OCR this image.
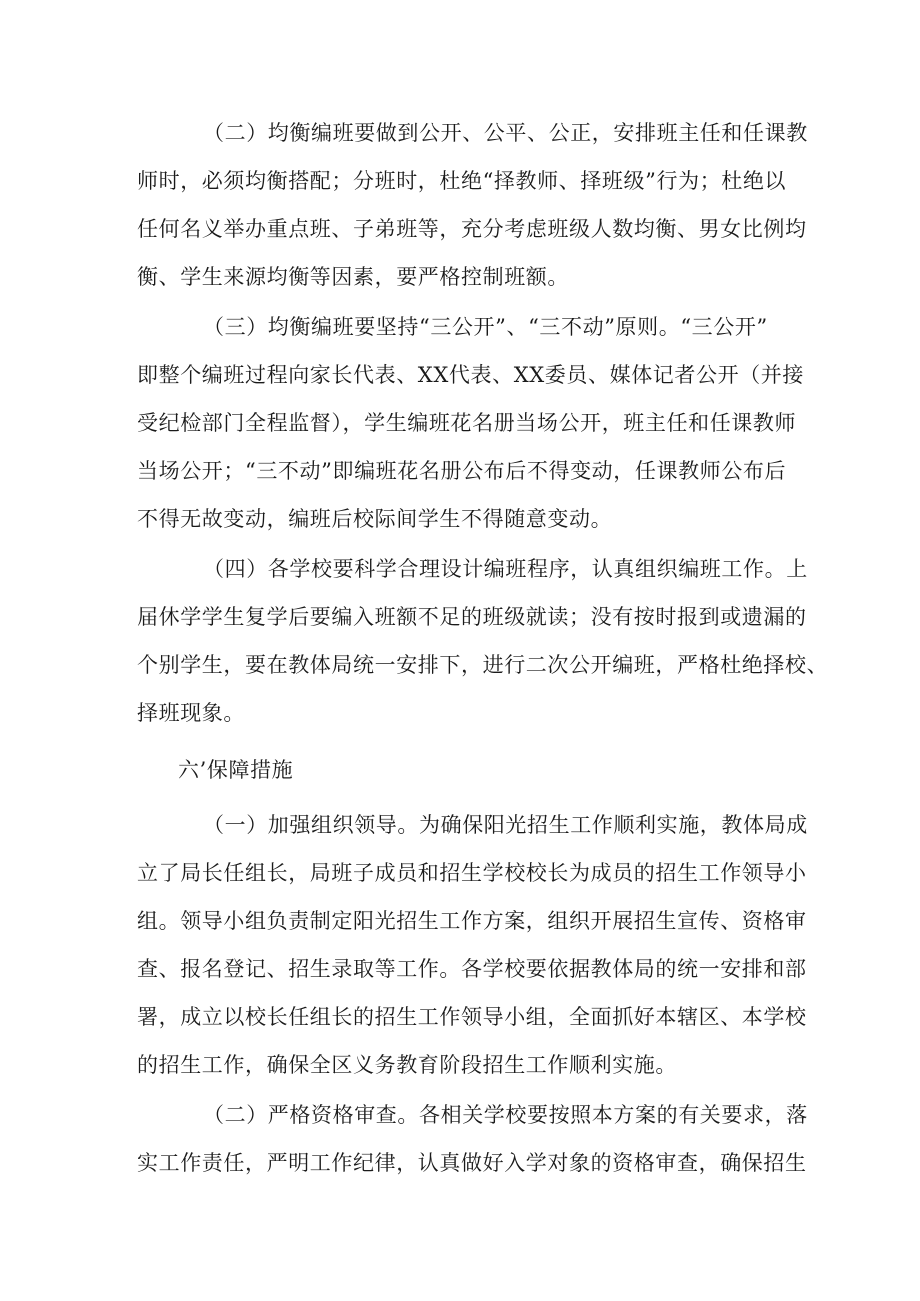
（二）均衡编班要做到公开、公平、公正，安排班主任和任课教
师时，必须均衡搭配；分班时，杜绝“择教师、择班级”行为；杜绝以
任何名义举办重点班、子弟班等，充分考虑班级人数均衡、男女比例均
衡、学生来源均衡等因素，要严格控制班额。
（三）均衡编班要坚持“三公开”、“三不动”原则。“三公开”
即整个编班过程向家长代表、XX代表、XX委员、媒体记者公开（并接
受纪检部门全程监督），学生编班花名册当场公开，班主任和任课教师
当场公开；“三不动”即编班花名册公布后不得变动，任课教师公布后
不得无故变动，编班后校际间学生不得随意变动。
（四）各学校要科学合理设计编班程序，认真组织编班工作。上
届休学学生复学后要编入班额不足的班级就读；没有按时报到或遗漏的
个别学生，要在教体局统一安排下，进行二次公开编班，严格杜绝择校、
择班现象。
六’保障措施
（一）加强组织领导。为确保阳光招生工作顺利实施，教体局成
立了局长任组长，局班子成员和招生学校校长为成员的招生工作领导小
组。领导小组负责制定阳光招生工作方案，组织开展招生宣传、资格审
查、报名登记、招生录取等工作。各学校要依据教体局的统一安排和部
署，成立以校长任组长的招生工作领导小组，全面抓好本辖区、本学校
的招生工作，确保全区义务教育阶段招生工作顺利实施。
（二）严格资格审查。各相关学校要按照本方案的有关要求，落
实工作责任，严明工作纪律，认真做好入学对象的资格审查，确保招生
